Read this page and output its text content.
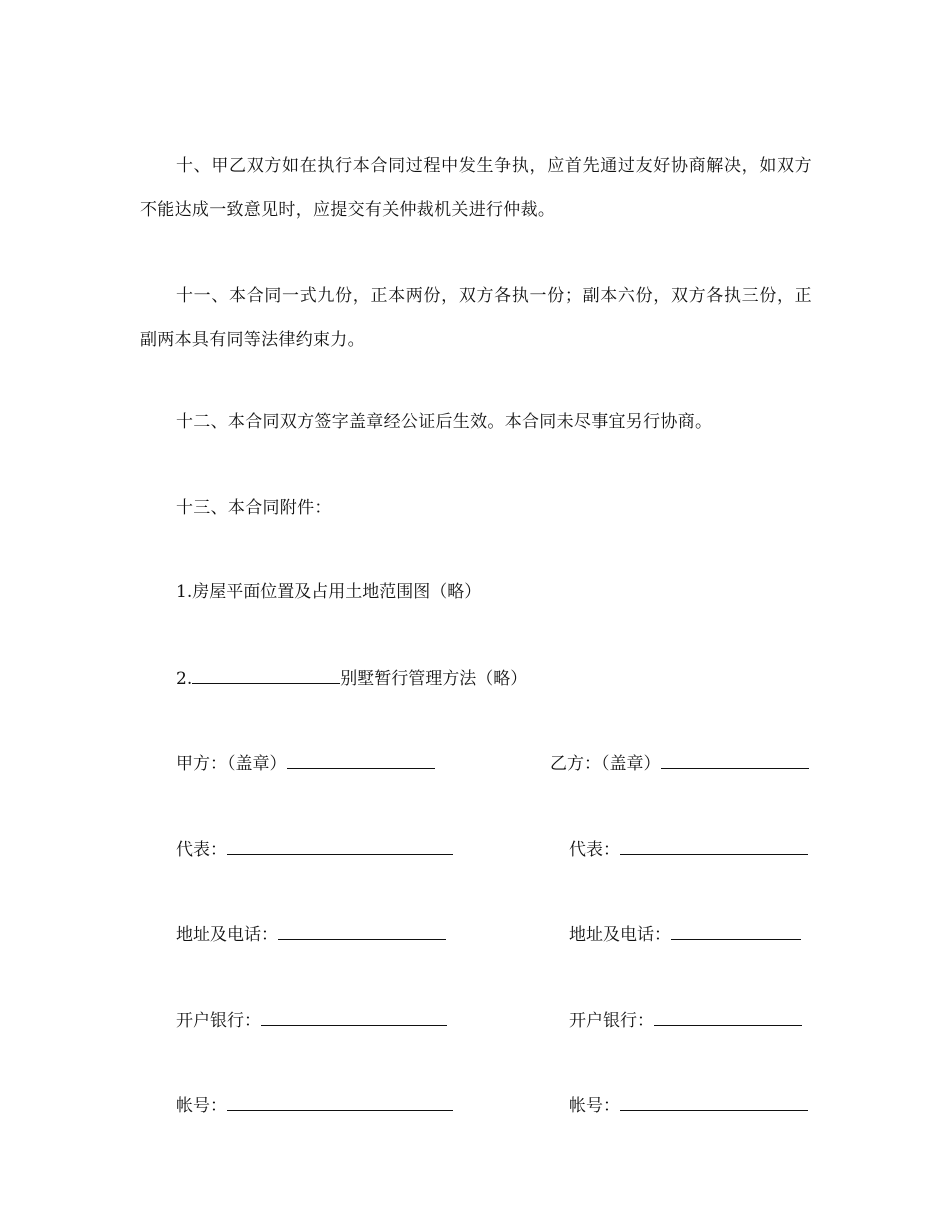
十、甲乙双方如在执行本合同过程中发生争执，应首先通过友好协商解决，如双方不能达成一致意见时，应提交有关仲裁机关进行仲裁。
十一、本合同一式九份，正本两份，双方各执一份；副本六份，双方各执三份，正副两本具有同等法律约束力。
十二、本合同双方签字盖章经公证后生效。本合同未尽事宜另行协商。
十三、本合同附件：
1.房屋平面位置及占用土地范围图（略）
2.	别墅暂行管理方法（略）
甲方：（盖章）
代表：
地址及电话：
开户银行：
帐号：
乙方：（盖章）
代表：
地址及电话：
开户银行：
帐号：
